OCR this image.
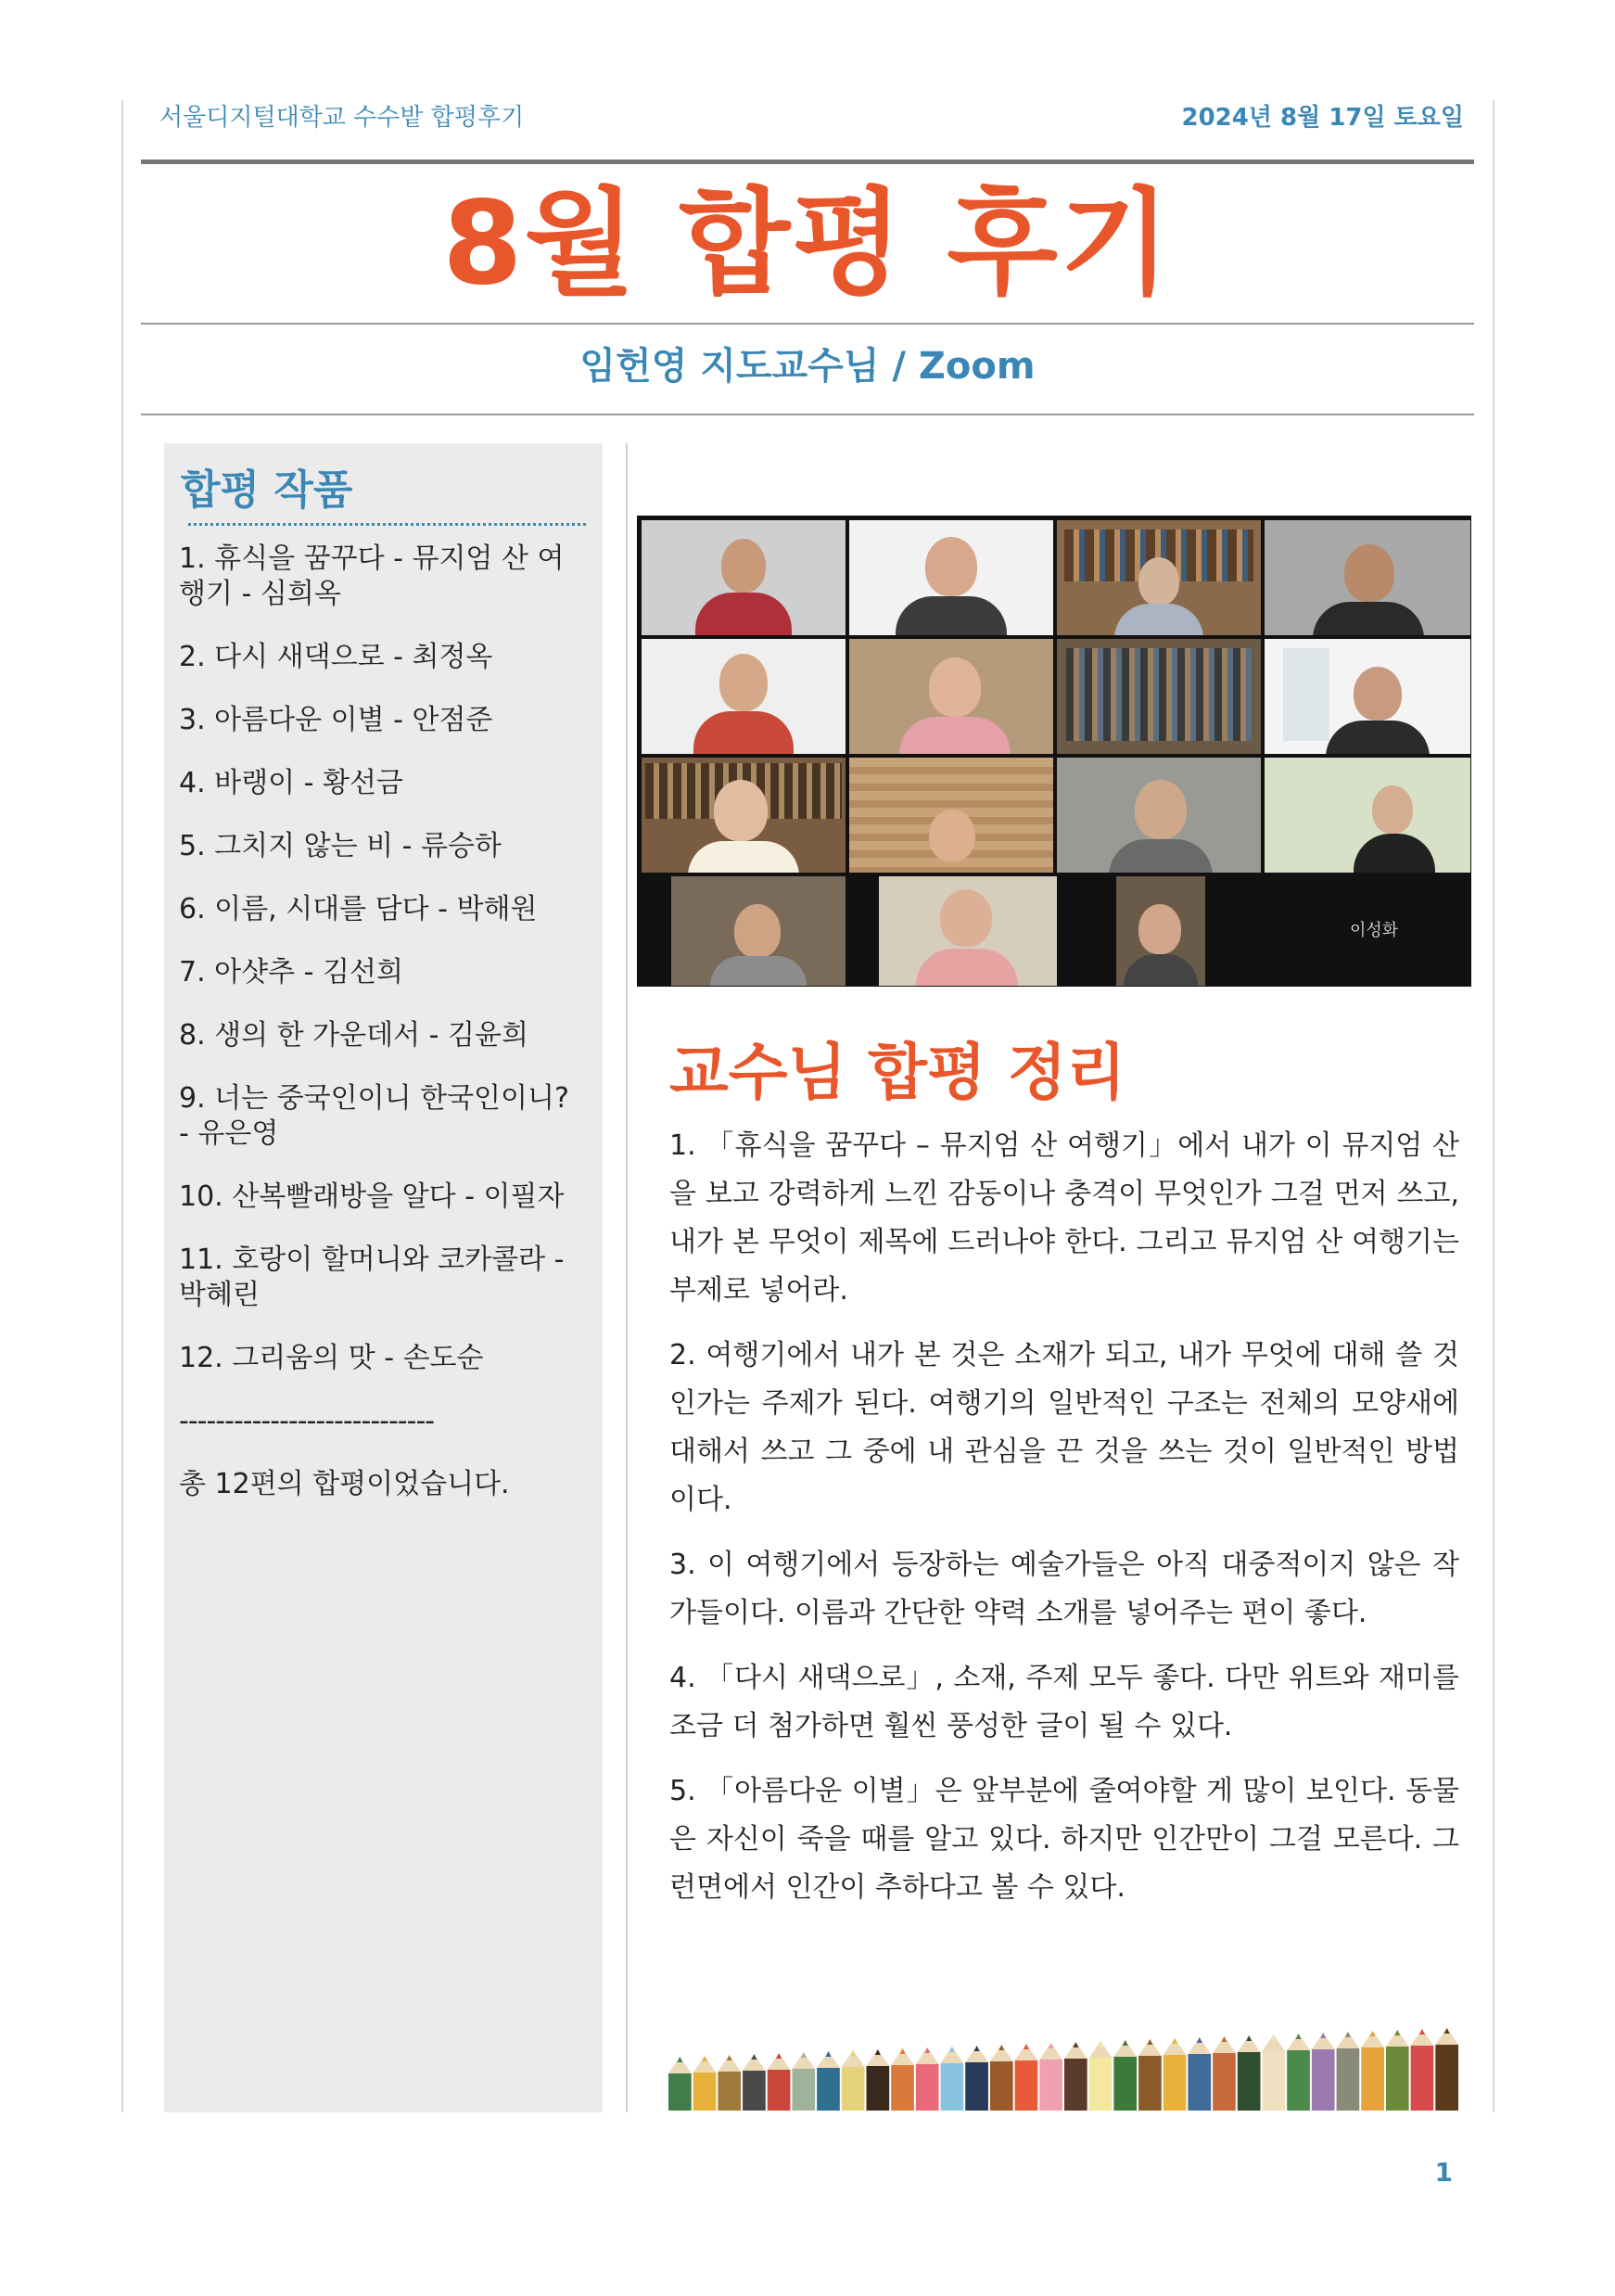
서울디지털대학교 수수밭 합평후기	2024년 8월 17일 토요일
8월 합평 후기
임헌영 지도교수님 / Zoom
합평 작품
1. 휴식을 꿈꾸다 - 뮤지엄 산 여행기 - 심희옥
2. 다시 새댁으로 - 최정옥
3. 아름다운 이별 - 안점준
4. 바랭이 - 황선금
5. 그치지 않는 비 - 류승하
6. 이름, 시대를 담다 - 박해원
7. 아샷추 - 김선희
8. 생의 한 가운데서 - 김윤희
9. 너는 중국인이니 한국인이니? - 유은영
10. 산복빨래방을 알다 - 이필자
11. 호랑이 할머니와 코카콜라 - 박혜린
12. 그리움의 맛 - 손도순
----------------------------
총 12편의 합평이었습니다.
이성화
교수님 합평 정리

1. 「휴식을 꿈꾸다 – 뮤지엄 산 여행기」에서 내가 이 뮤지엄 산을 보고 강력하게 느낀 감동이나 충격이 무엇인가 그걸 먼저 쓰고, 내가 본 무엇이 제목에 드러나야 한다. 그리고 뮤지엄 산 여행기는 부제로 넣어라.

2. 여행기에서 내가 본 것은 소재가 되고, 내가 무엇에 대해 쓸 것인가는 주제가 된다. 여행기의 일반적인 구조는 전체의 모양새에 대해서 쓰고 그 중에 내 관심을 끈 것을 쓰는 것이 일반적인 방법이다.

3. 이 여행기에서 등장하는 예술가들은 아직 대중적이지 않은 작가들이다. 이름과 간단한 약력 소개를 넣어주는 편이 좋다.

4. 「다시 새댁으로」, 소재, 주제 모두 좋다. 다만 위트와 재미를 조금 더 첨가하면 훨씬 풍성한 글이 될 수 있다.

5. 「아름다운 이별」은 앞부분에 줄여야할 게 많이 보인다. 동물은 자신이 죽을 때를 알고 있다. 하지만 인간만이 그걸 모른다. 그런면에서 인간이 추하다고 볼 수 있다.

1
